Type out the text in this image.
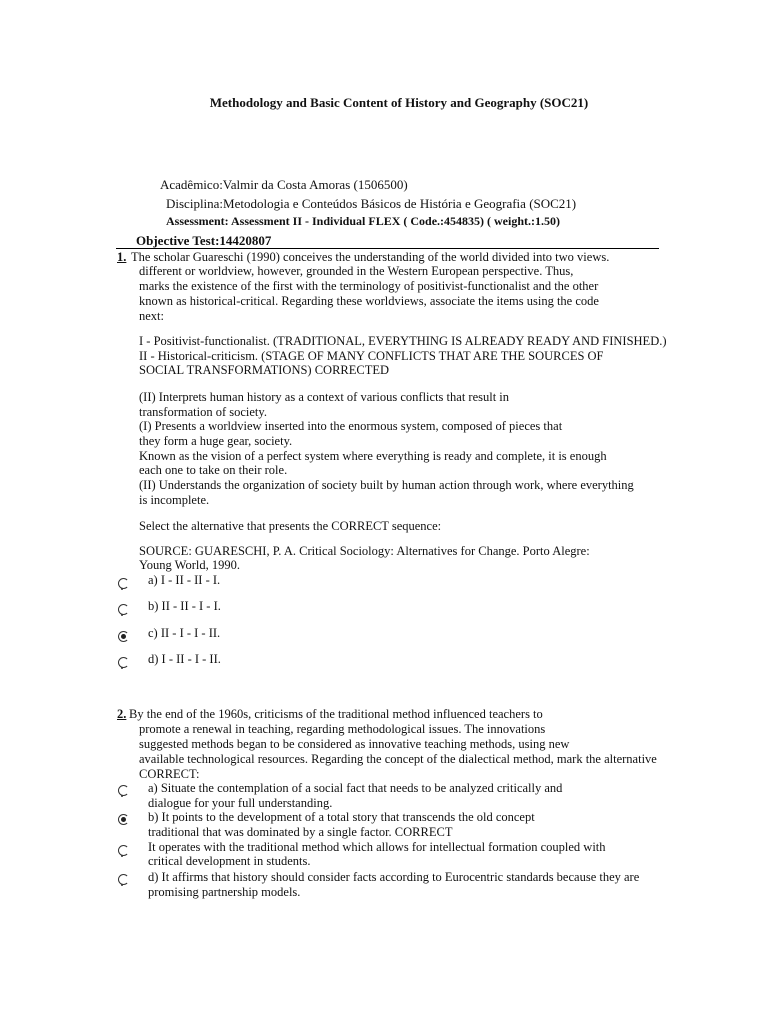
Methodology and Basic Content of History and Geography (SOC21)
Acadêmico:Valmir da Costa Amoras (1506500)
Disciplina:Metodologia e Conteúdos Básicos de História e Geografia (SOC21)
Assessment: Assessment II - Individual FLEX ( Code.:454835) ( weight.:1.50)
Objective Test:14420807
1. The scholar Guareschi (1990) conceives the understanding of the world divided into two views.
different or worldview, however, grounded in the Western European perspective. Thus,
marks the existence of the first with the terminology of positivist-functionalist and the other
known as historical-critical. Regarding these worldviews, associate the items using the code
next:
I - Positivist-functionalist. (TRADITIONAL, EVERYTHING IS ALREADY READY AND FINISHED.)
II - Historical-criticism. (STAGE OF MANY CONFLICTS THAT ARE THE SOURCES OF
SOCIAL TRANSFORMATIONS) CORRECTED
(II) Interprets human history as a context of various conflicts that result in
transformation of society.
(I) Presents a worldview inserted into the enormous system, composed of pieces that
they form a huge gear, society.
Known as the vision of a perfect system where everything is ready and complete, it is enough
each one to take on their role.
(II) Understands the organization of society built by human action through work, where everything
is incomplete.
Select the alternative that presents the CORRECT sequence:
SOURCE: GUARESCHI, P. A. Critical Sociology: Alternatives for Change. Porto Alegre:
Young World, 1990.
a) I - II - II - I.
b) II - II - I - I.
c) II - I - I - II.
d) I - II - I - II.
2. By the end of the 1960s, criticisms of the traditional method influenced teachers to
promote a renewal in teaching, regarding methodological issues. The innovations
suggested methods began to be considered as innovative teaching methods, using new
available technological resources. Regarding the concept of the dialectical method, mark the alternative
CORRECT:
a) Situate the contemplation of a social fact that needs to be analyzed critically and
dialogue for your full understanding.
b) It points to the development of a total story that transcends the old concept
traditional that was dominated by a single factor. CORRECT
It operates with the traditional method which allows for intellectual formation coupled with
critical development in students.
d) It affirms that history should consider facts according to Eurocentric standards because they are
promising partnership models.
